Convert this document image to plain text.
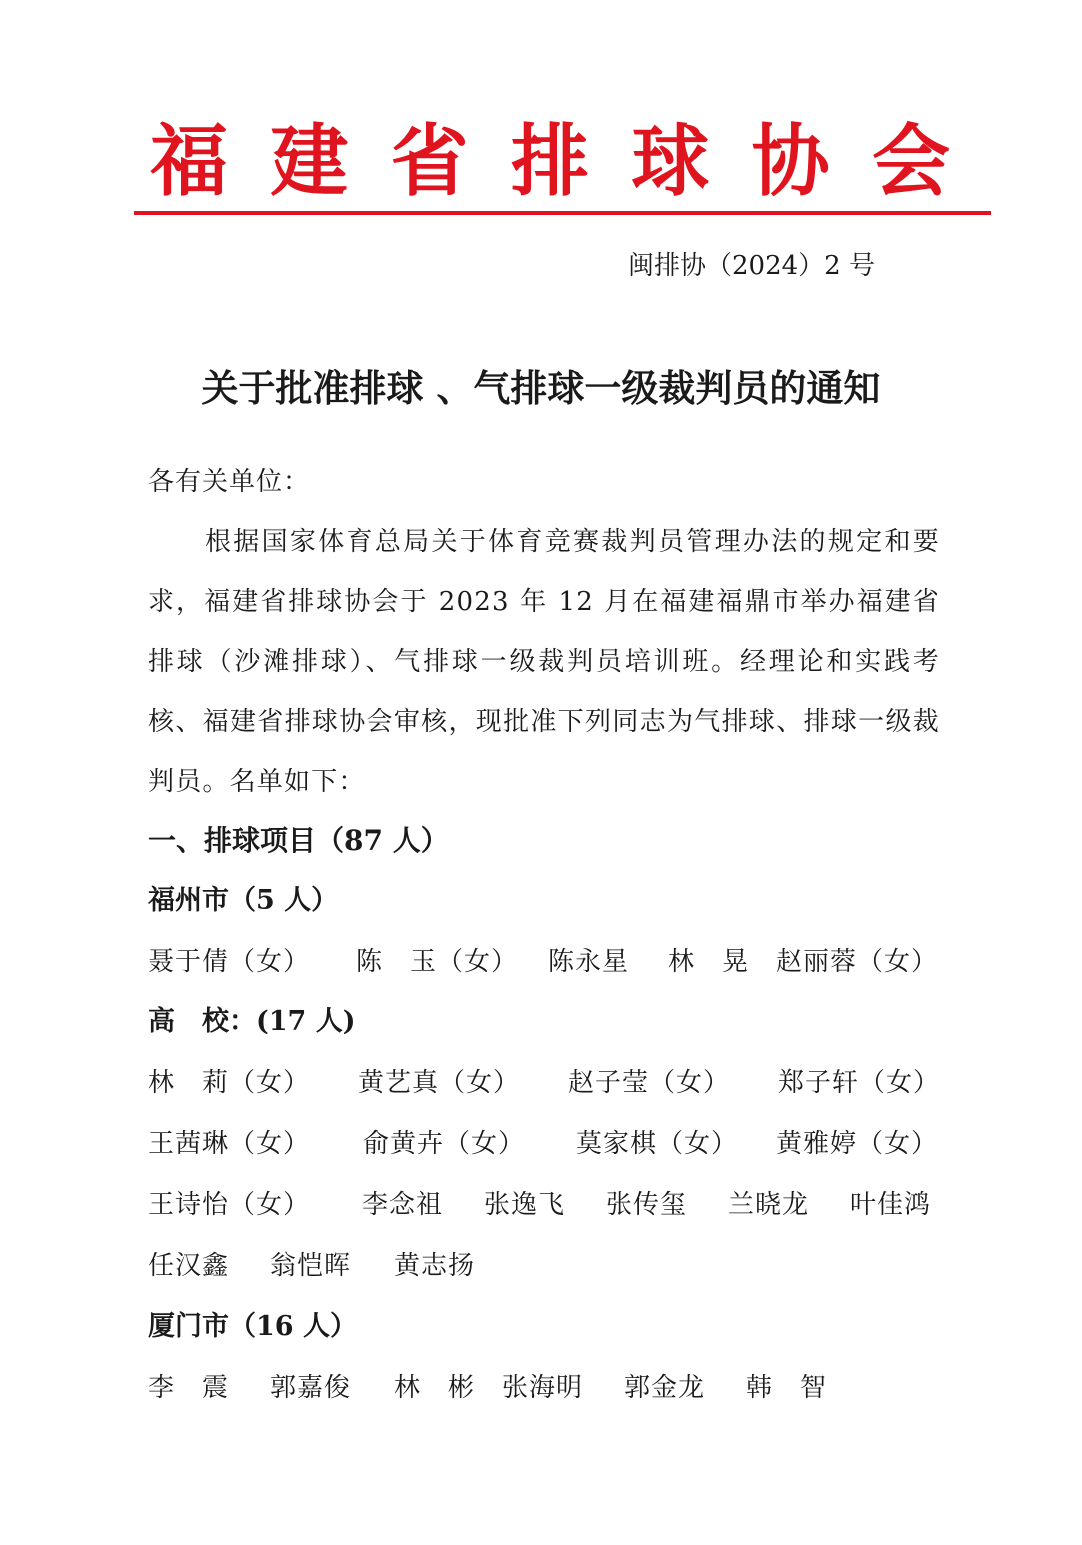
福 建 省 排 球 协 会
闽排协（2024）2 号
关于批准排球 、气排球一级裁判员的通知
各有关单位：

根据国家体育总局关于体育竞赛裁判员管理办法的规定和要求，福建省排球协会于 2023 年 12 月在福建福鼎市举办福建省排球（沙滩排球）、气排球一级裁判员培训班。经理论和实践考核、福建省排球协会审核，现批准下列同志为气排球、排球一级裁判员。名单如下：

一、排球项目（87 人）
福州市（5 人）
聂于倩（女） 陈　玉（女） 陈永星 林　晃 赵丽蓉（女）
高　校：(17 人)
林　莉（女） 黄艺真（女） 赵子莹（女） 郑子轩（女）
王茜琳（女） 俞黄卉（女） 莫家棋（女） 黄雅婷（女）
王诗怡（女） 李念祖 张逸飞 张传玺 兰晓龙 叶佳鸿
任汉鑫 翁恺晖 黄志扬
厦门市（16 人）
李　震 郭嘉俊 林　彬 张海明 郭金龙 韩　智
